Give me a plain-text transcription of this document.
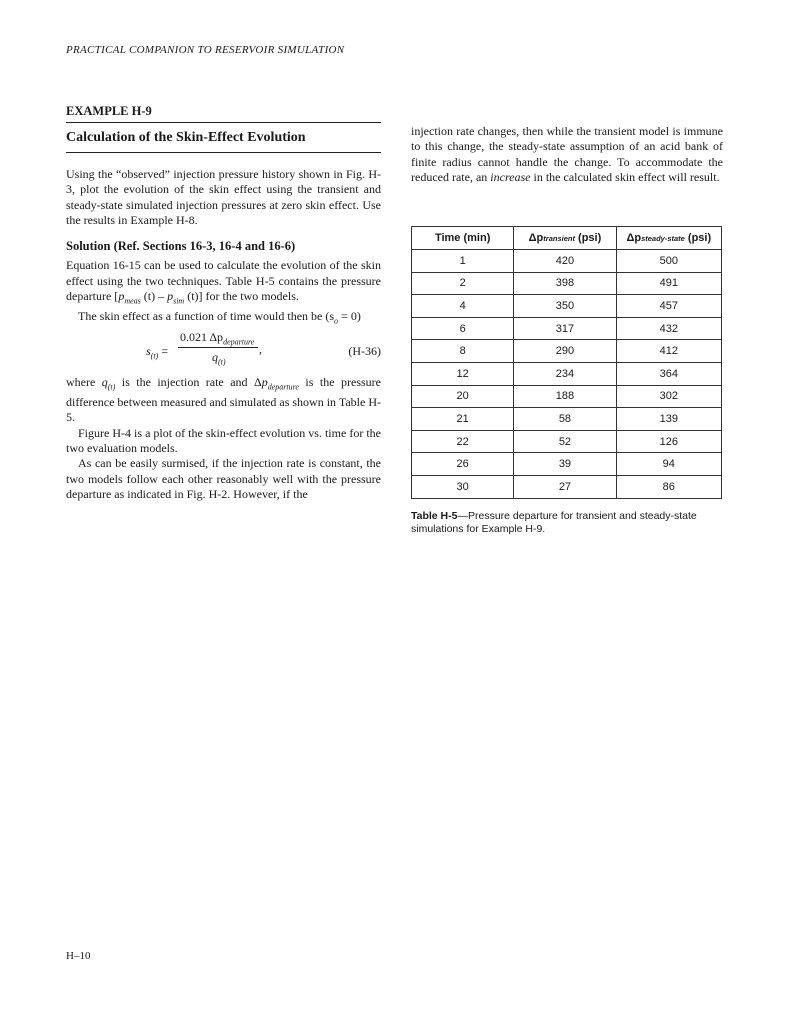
PRACTICAL COMPANION TO RESERVOIR SIMULATION
EXAMPLE H-9
Calculation of the Skin-Effect Evolution

Using the “observed” injection pressure history shown in Fig. H-3, plot the evolution of the skin effect using the transient and steady-state simulated injection pressures at zero skin effect. Use the results in Example H-8.

Solution (Ref. Sections 16-3, 16-4 and 16-6)

Equation 16-15 can be used to calculate the evolution of the skin effect using the two techniques. Table H-5 contains the pressure departure [$p_{meas}$ $(t) - p_{sim}$ (t)] for the two models.

The skin effect as a function of time would then be $(s_o = 0)$

$s_{(t)}$ =
0.021 $\Delta p_{departure}$
$q_{(t)}$
,	(H-36)

where $q_{(t)}$ is the injection rate and $\Delta p_{departure}$ is the pressure difference between measured and simulated as shown in Table H-5.

Figure H-4 is a plot of the skin-effect evolution vs. time for the two evaluation models.

As can be easily surmised, if the injection rate is constant, the two models follow each other reasonably well with the pressure departure as indicated in Fig. H-2. However, if the

injection rate changes, then while the transient model is immune to this change, the steady-state assumption of an acid bank of finite radius cannot handle the change. To accommodate the reduced rate, an increase in the calculated skin effect will result.

Time (min)	Δptransient (psi)	Δpsteady-state (psi)
1	420	500
2	398	491
4	350	457
6	317	432
8	290	412
12	234	364
20	188	302
21	58	139
22	52	126
26	39	94
30	27	86
Table H-5—Pressure departure for transient and steady-state simulations for Example H-9.
H–10
